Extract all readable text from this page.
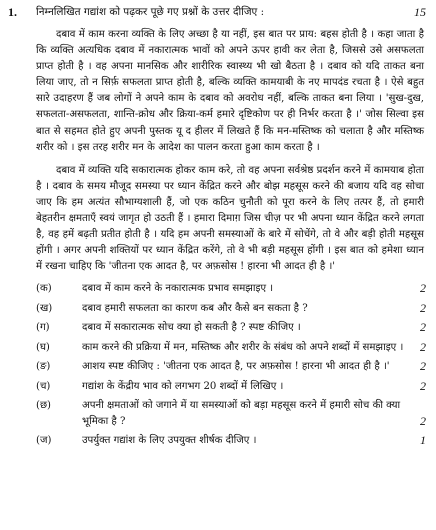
1.	निम्नलिखित गद्यांश को पढ़कर पूछे गए प्रश्नों के उत्तर दीजिए :	15

दबाव में काम करना व्यक्ति के लिए अच्छा है या नहीं, इस बात पर प्राय: बहस होती है । कहा जाता है कि व्यक्ति अत्यधिक दबाव में नकारात्मक भावों को अपने ऊपर हावी कर लेता है, जिससे उसे असफलता प्राप्त होती है । वह अपना मानसिक और शारीरिक स्वास्थ्य भी खो बैठता है । दबाव को यदि ताकत बना लिया जाए, तो न सिर्फ़ सफलता प्राप्त होती है, बल्कि व्यक्ति कामयाबी के नए मापदंड रचता है । ऐसे बहुत सारे उदाहरण हैं जब लोगों ने अपने काम के दबाव को अवरोध नहीं, बल्कि ताकत बना लिया । 'सुख-दुख, सफलता-असफलता, शान्ति-क्रोध और क्रिया-कर्म हमारे दृष्टिकोण पर ही निर्भर करता है ।' जोस सिल्वा इस बात से सहमत होते हुए अपनी पुस्तक यू द हीलर में लिखते हैं कि मन-मस्तिष्क को चलाता है और मस्तिष्क शरीर को । इस तरह शरीर मन के आदेश का पालन करता हुआ काम करता है ।

दबाव में व्यक्ति यदि सकारात्मक होकर काम करे, तो वह अपना सर्वश्रेष्ठ प्रदर्शन करने में कामयाब होता है । दबाव के समय मौजूद समस्या पर ध्यान केंद्रित करने और बोझ महसूस करने की बजाय यदि वह सोचा जाए कि हम अत्यंत सौभाग्यशाली हैं, जो एक कठिन चुनौती को पूरा करने के लिए तत्पर हैं, तो हमारी बेहतरीन क्षमताएँ स्वयं जागृत हो उठती हैं । हमारा दिमाग़ जिस चीज़ पर भी अपना ध्यान केंद्रित करने लगता है, वह हमें बढ़ती प्रतीत होती है । यदि हम अपनी समस्याओं के बारे में सोचेंगे, तो वे और बड़ी होती महसूस होंगी । अगर अपनी शक्तियों पर ध्यान केंद्रित करेंगे, तो वे भी बड़ी महसूस होंगी । इस बात को हमेशा ध्यान में रखना चाहिए कि 'जीतना एक आदत है, पर अफ़सोस ! हारना भी आदत ही है ।'

(क)	दबाव में काम करने के नकारात्मक प्रभाव समझाइए ।	2
(ख)	दबाव हमारी सफलता का कारण कब और कैसे बन सकता है ?	2
(ग)	दबाव में सकारात्मक सोच क्या हो सकती है ? स्पष्ट कीजिए ।	2
(घ)	काम करने की प्रक्रिया में मन, मस्तिष्क और शरीर के संबंध को अपने शब्दों में समझाइए ।	2
(ङ)	आशय स्पष्ट कीजिए : 'जीतना एक आदत है, पर अफ़सोस ! हारना भी आदत ही है ।'	2
(च)	गद्यांश के केंद्रीय भाव को लगभग 20 शब्दों में लिखिए ।	2
(छ)	अपनी क्षमताओं को जगाने में या समस्याओं को बड़ा महसूस करने में हमारी सोच की क्या भूमिका है ?	2
(ज)	उपर्युक्त गद्यांश के लिए उपयुक्त शीर्षक दीजिए ।	1
